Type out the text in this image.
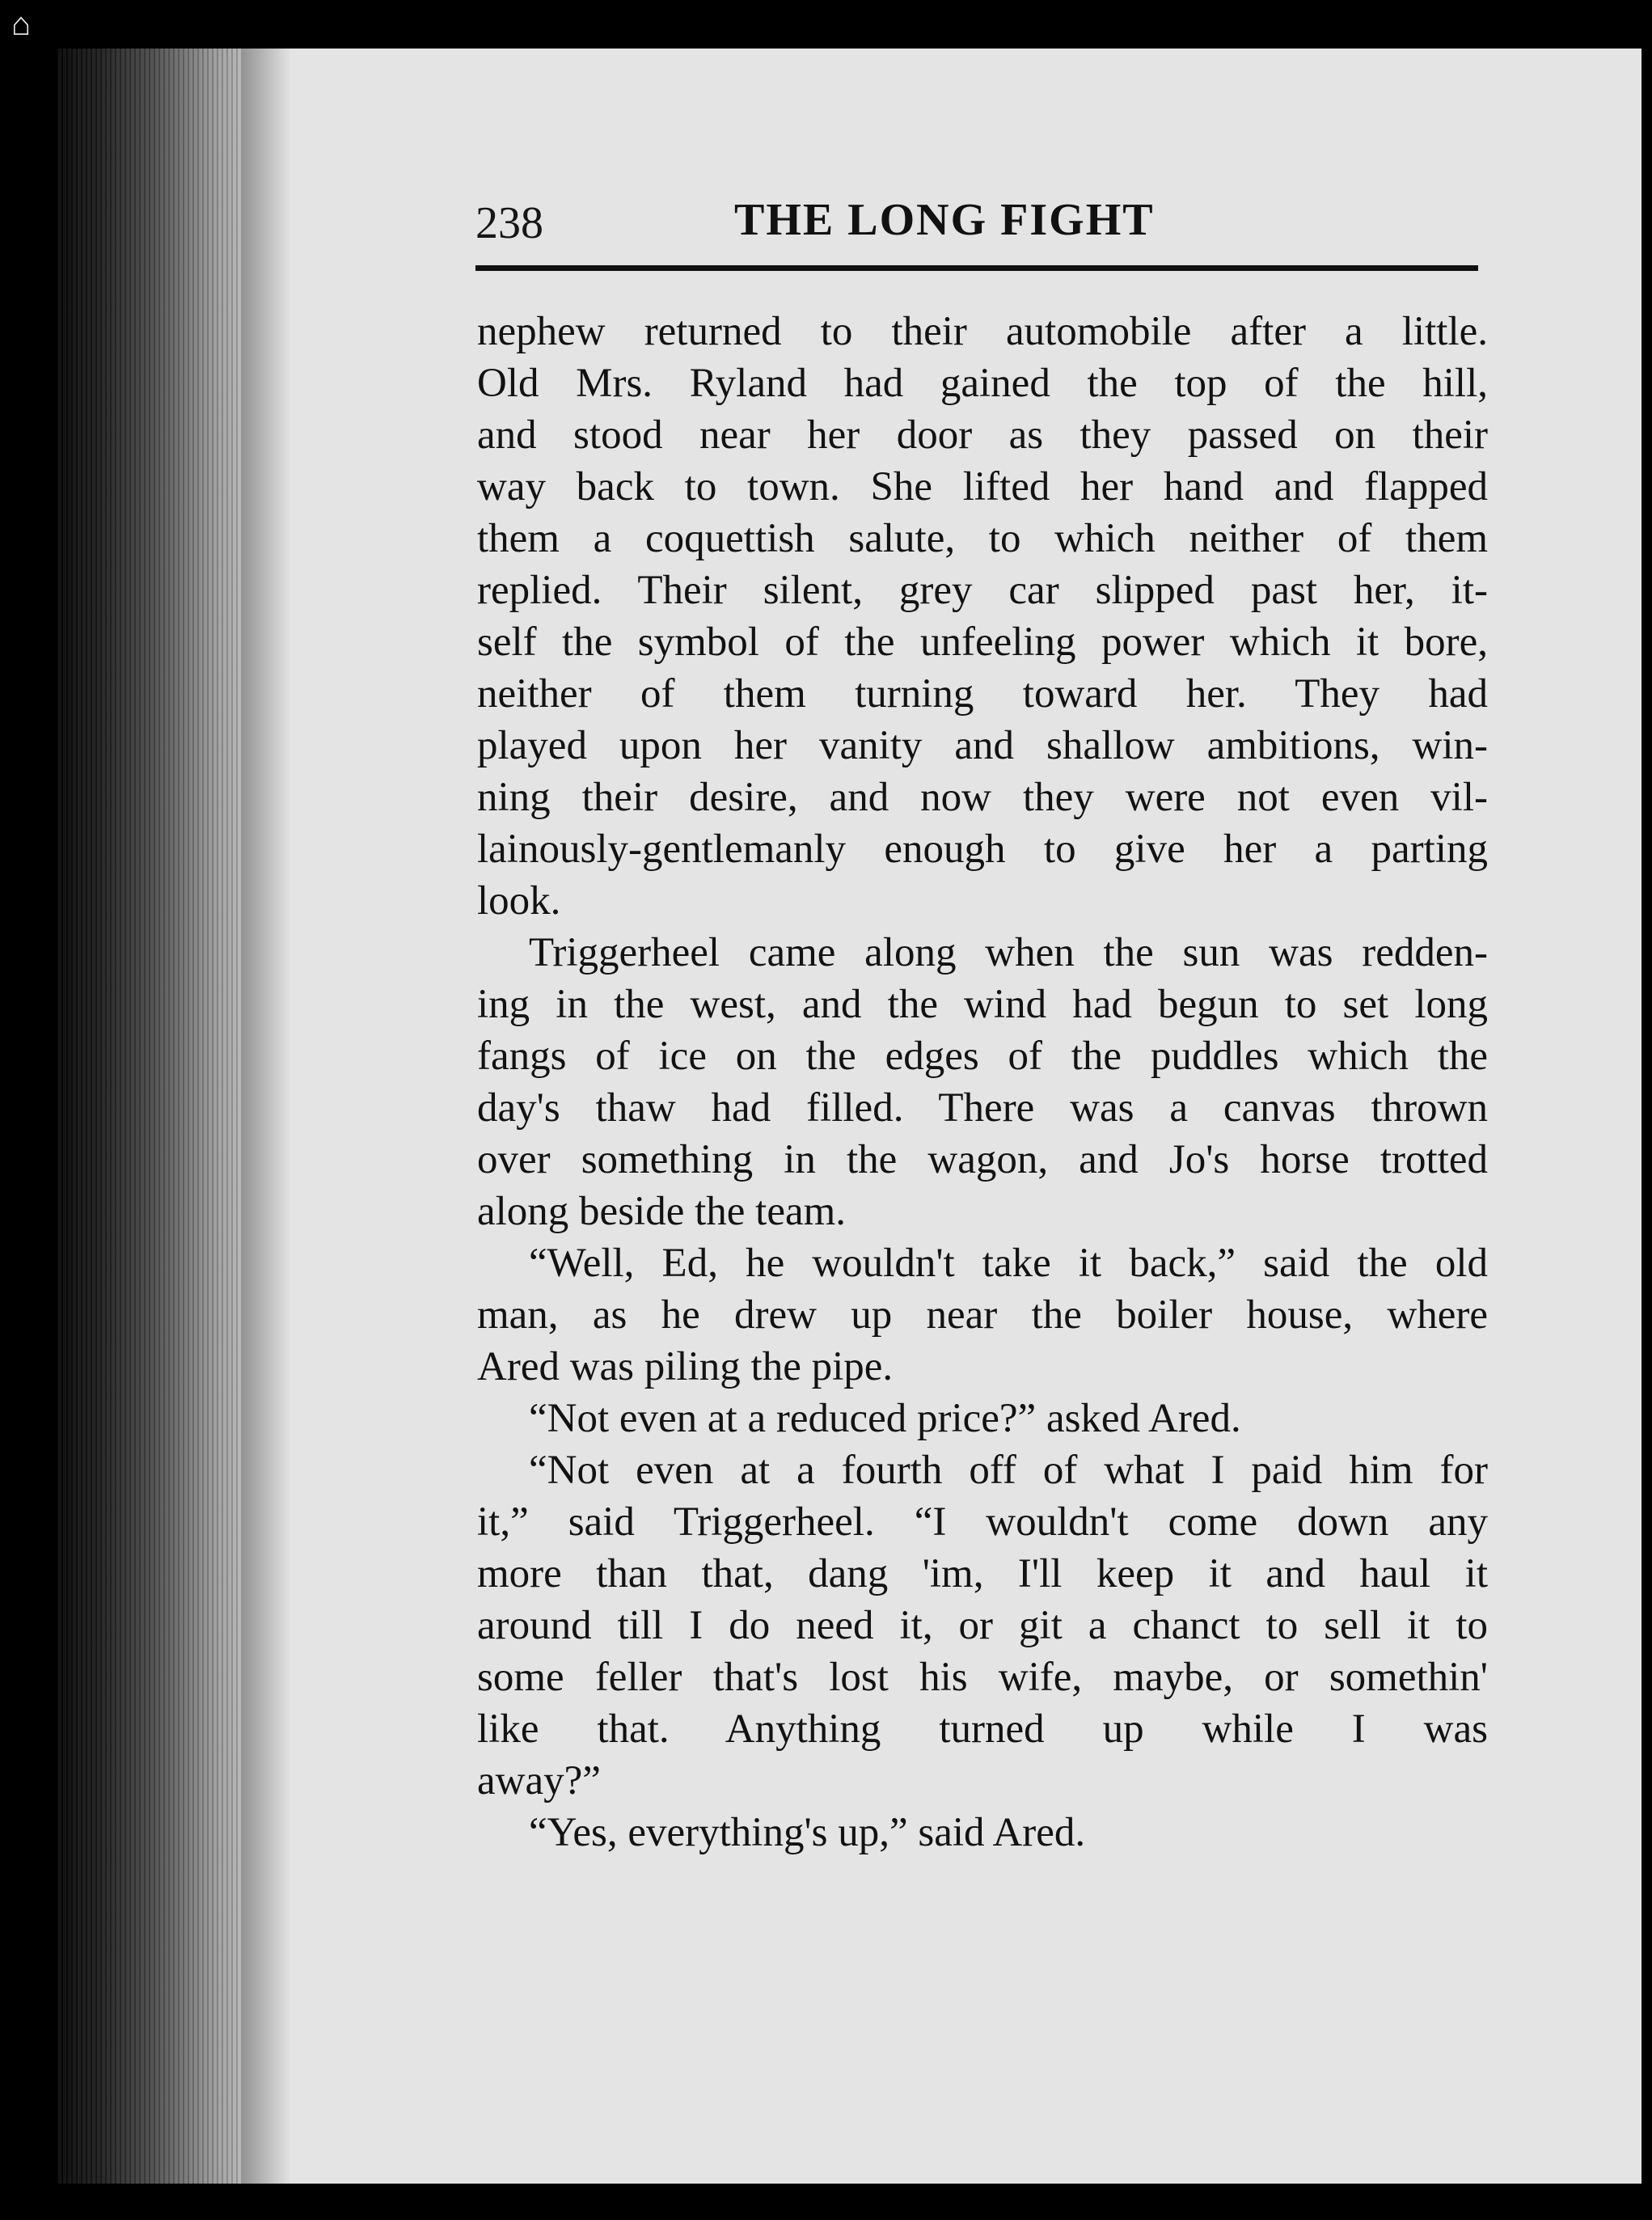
⌂
238	THE LONG FIGHT
nephew returned to their automobile after a little.
Old Mrs. Ryland had gained the top of the hill,
and stood near her door as they passed on their
way back to town. She lifted her hand and flapped
them a coquettish salute, to which neither of them
replied. Their silent, grey car slipped past her, it-
self the symbol of the unfeeling power which it bore,
neither of them turning toward her. They had
played upon her vanity and shallow ambitions, win-
ning their desire, and now they were not even vil-
lainously-gentlemanly enough to give her a parting
look.
Triggerheel came along when the sun was redden-
ing in the west, and the wind had begun to set long
fangs of ice on the edges of the puddles which the
day's thaw had filled. There was a canvas thrown
over something in the wagon, and Jo's horse trotted
along beside the team.
“Well, Ed, he wouldn't take it back,” said the old
man, as he drew up near the boiler house, where
Ared was piling the pipe.
“Not even at a reduced price?” asked Ared.
“Not even at a fourth off of what I paid him for
it,” said Triggerheel. “I wouldn't come down any
more than that, dang 'im, I'll keep it and haul it
around till I do need it, or git a chanct to sell it to
some feller that's lost his wife, maybe, or somethin'
like that. Anything turned up while I was
away?”
“Yes, everything's up,” said Ared.
